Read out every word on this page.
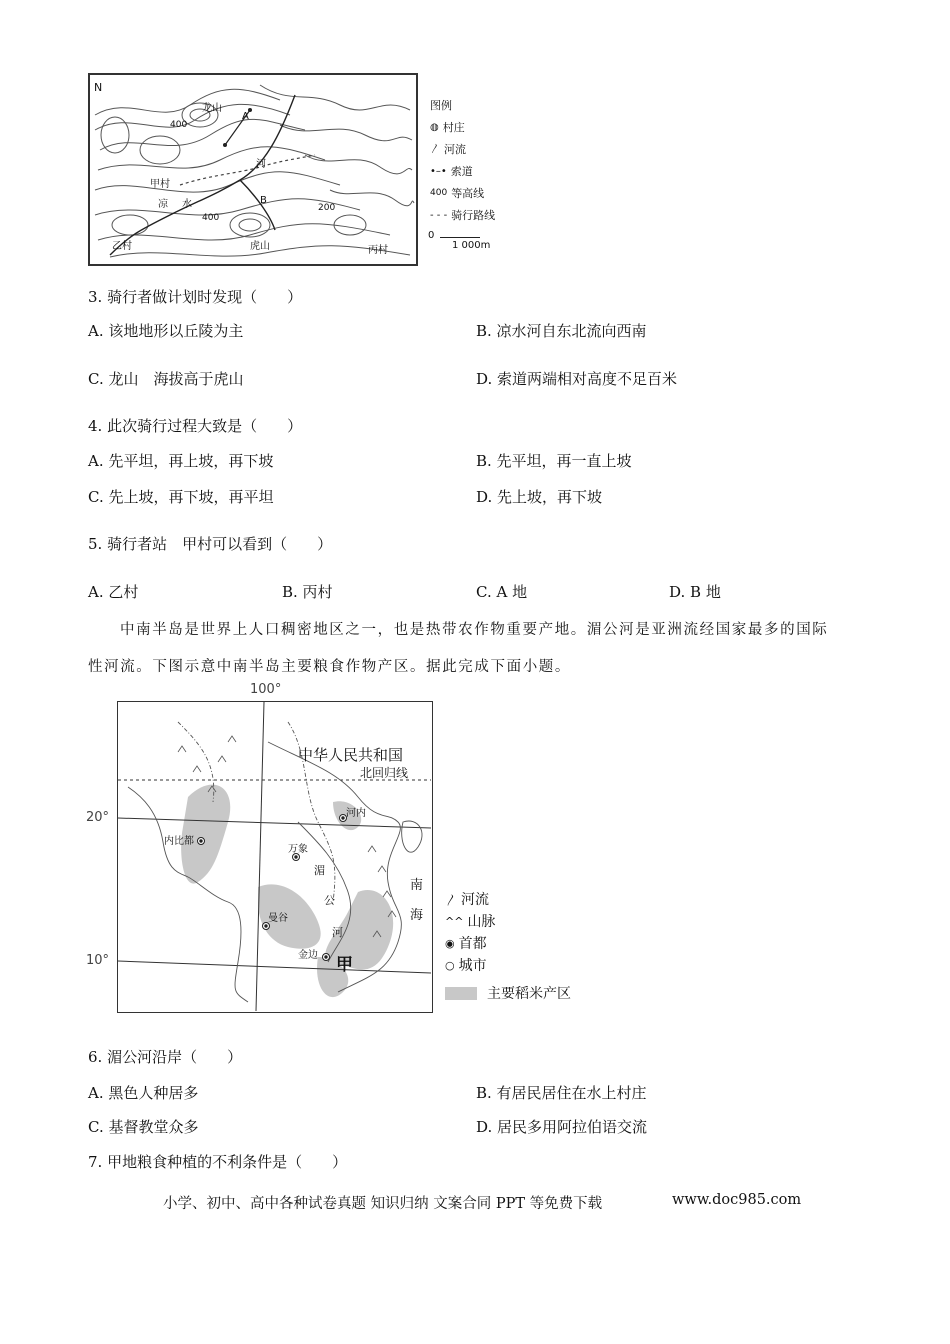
N
龙山
虎山
甲村
乙村	丙村
凉 水
河
A
B
400
400
200
图例
◍ 村庄
〳 河流
•–• 索道
400 等高线
- - - 骑行路线
0
1 000m
3. 骑行者做计划时发现（　　）
A. 该地地形以丘陵为主	B. 凉水河自东北流向西南
C. 龙山　海拔高于虎山	D. 索道两端相对高度不足百米
4. 此次骑行过程大致是（　　）
A. 先平坦，再上坡，再下坡	B. 先平坦，再一直上坡
C. 先上坡，再下坡，再平坦	D. 先上坡，再下坡
5. 骑行者站　甲村可以看到（　　）
A. 乙村	B. 丙村	C. A 地	D. B 地
中南半岛是世界上人口稠密地区之一，也是热带农作物重要产地。湄公河是亚洲流经国家最多的国际
性河流。下图示意中南半岛主要粮食作物产区。据此完成下面小题。
100°
20°
10°
中华人民共和国
北回归线
河内
万象
曼谷
内比都
金边 甲
湄
公
河
南
海
〳 河流
^^ 山脉
◉ 首都
○ 城市
主要稻米产区
6. 湄公河沿岸（　　）
A. 黑色人种居多	B. 有居民居住在水上村庄
C. 基督教堂众多	D. 居民多用阿拉伯语交流
7. 甲地粮食种植的不利条件是（　　）
小学、初中、高中各种试卷真题 知识归纳 文案合同 PPT 等免费下载	www.doc985.com
